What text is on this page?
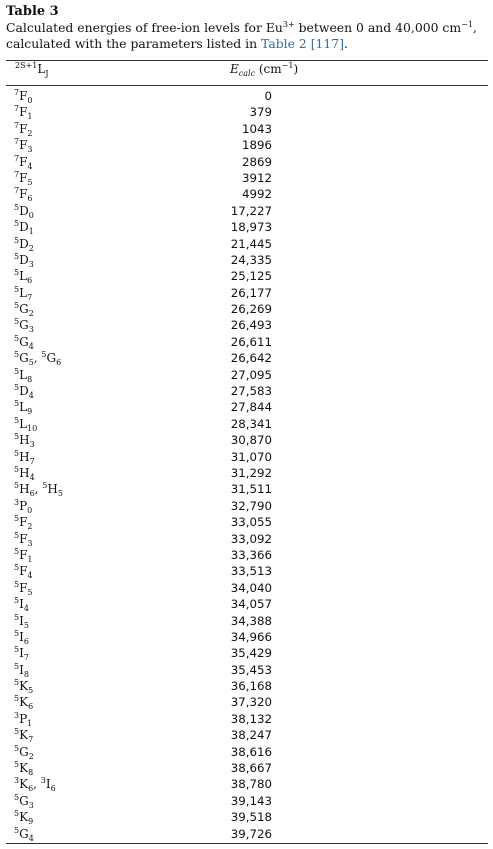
Table 3
Calculated energies of free-ion levels for $Eu^{3+}$ between 0 and 40,000 $cm^{-1}$, calculated with the parameters listed in Table 2 [117].
$^{2S+1}L_J$	$E_{calc}$ $(cm^{-1})$
$^7F_0$	0
$^7F_1$	379
$^7F_2$	1043
$^7F_3$	1896
$^7F_4$	2869
$^7F_5$	3912
$^7F_6$	4992
$^5D_0$	17,227
$^5D_1$	18,973
$^5D_2$	21,445
$^5D_3$	24,335
$^5L_6$	25,125
$^5L_7$	26,177
$^5G_2$	26,269
$^5G_3$	26,493
$^5G_4$	26,611
$^5G_5$, $^5G_6$	26,642
$^5L_8$	27,095
$^5D_4$	27,583
$^5L_9$	27,844
$^5L_{10}$	28,341
$^5H_3$	30,870
$^5H_7$	31,070
$^5H_4$	31,292
$^5H_6$, $^5H_5$	31,511
$^3P_0$	32,790
$^5F_2$	33,055
$^5F_3$	33,092
$^5F_1$	33,366
$^5F_4$	33,513
$^5F_5$	34,040
$^5I_4$	34,057
$^5I_5$	34,388
$^5I_6$	34,966
$^5I_7$	35,429
$^5I_8$	35,453
$^5K_5$	36,168
$^5K_6$	37,320
$^3P_1$	38,132
$^5K_7$	38,247
$^5G_2$	38,616
$^5K_8$	38,667
$^3K_6$, $^3I_6$	38,780
$^5G_3$	39,143
$^5K_9$	39,518
$^5G_4$	39,726
